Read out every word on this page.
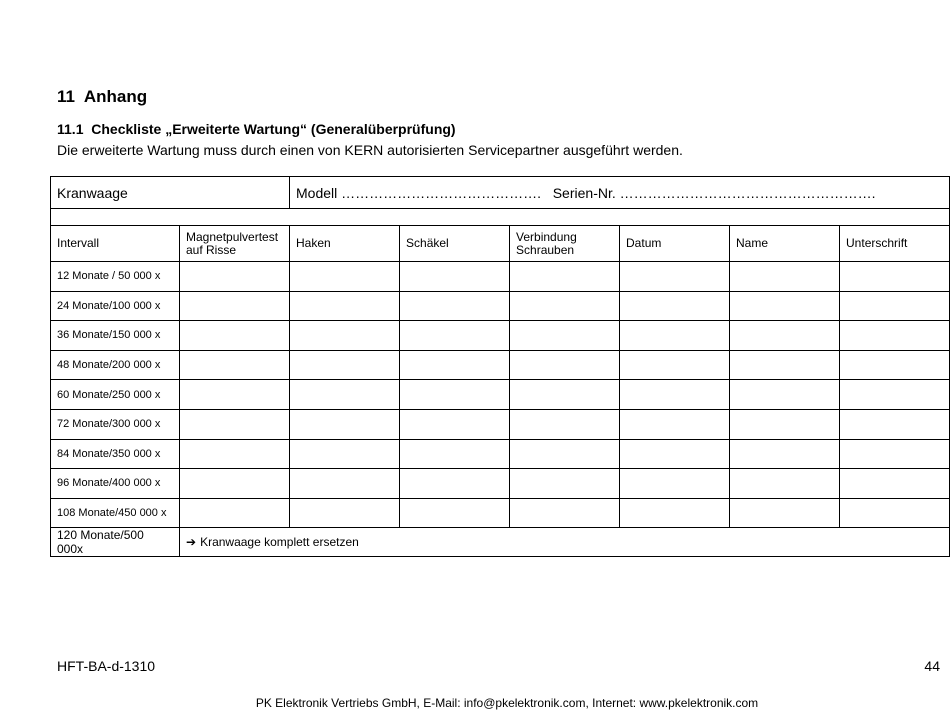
11 Anhang
11.1 Checkliste „Erweiterte Wartung“ (Generalüberprüfung)
Die erweiterte Wartung muss durch einen von KERN autorisierten Servicepartner ausgeführt werden.
Kranwaage		Modell ……………………………………. Serien-Nr. ……………………………………………….					

Intervall	Magnetpulvertest auf Risse	Haken	Schäkel	Verbindung Schrauben	Datum	Name	Unterschrift
12 Monate / 50 000 x							
24 Monate/100 000 x							
36 Monate/150 000 x							
48 Monate/200 000 x							
60 Monate/250 000 x							
72 Monate/300 000 x							
84 Monate/350 000 x							
96 Monate/400 000 x							
108 Monate/450 000 x							
120 Monate/500 000x	➔ Kranwaage komplett ersetzen						
HFT-BA-d-1310	44
PK Elektronik Vertriebs GmbH, E-Mail: info@pkelektronik.com, Internet: www.pkelektronik.com
